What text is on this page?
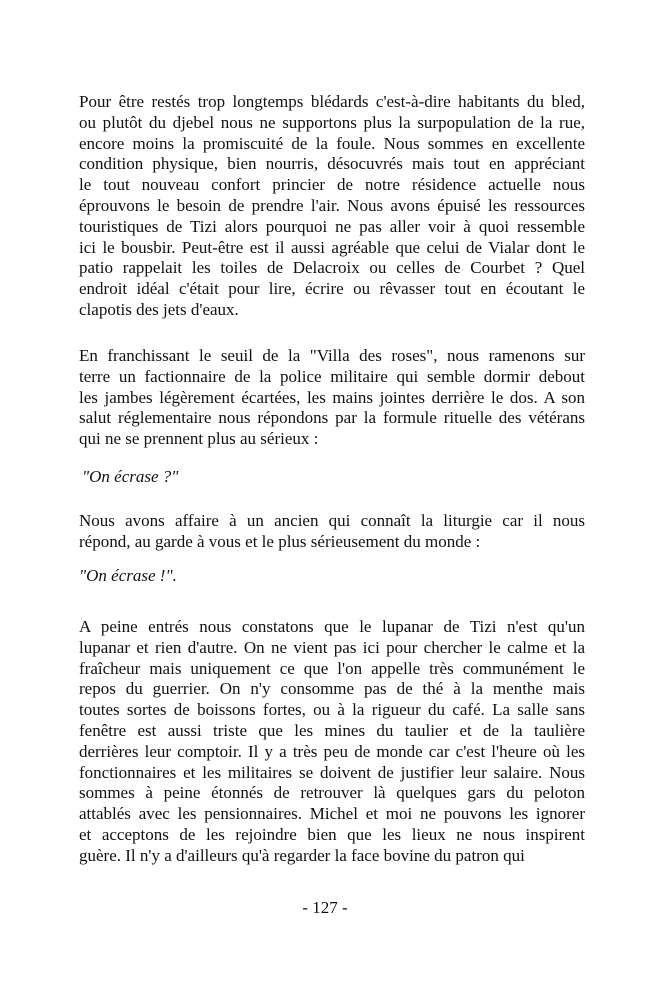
Pour être restés trop longtemps blédards c'est-à-dire habitants du bled,
ou plutôt du djebel nous ne supportons plus la surpopulation de la rue,
encore moins la promiscuité de la foule. Nous sommes en excellente
condition physique, bien nourris, désocuvrés mais tout en appréciant
le tout nouveau confort princier de notre résidence actuelle nous
éprouvons le besoin de prendre l'air. Nous avons épuisé les ressources
touristiques de Tizi alors pourquoi ne pas aller voir à quoi ressemble
ici le bousbir. Peut-être est il aussi agréable que celui de Vialar dont le
patio rappelait les toiles de Delacroix ou celles de Courbet ? Quel
endroit idéal c'était pour lire, écrire ou rêvasser tout en écoutant le
clapotis des jets d'eaux.
En franchissant le seuil de la "Villa des roses", nous ramenons sur
terre un factionnaire de la police militaire qui semble dormir debout
les jambes légèrement écartées, les mains jointes derrière le dos. A son
salut réglementaire nous répondons par la formule rituelle des vétérans
qui ne se prennent plus au sérieux :
"On écrase ?"
Nous avons affaire à un ancien qui connaît la liturgie car il nous
répond, au garde à vous et le plus sérieusement du monde :
"On écrase !".
A peine entrés nous constatons que le lupanar de Tizi n'est qu'un
lupanar et rien d'autre. On ne vient pas ici pour chercher le calme et la
fraîcheur mais uniquement ce que l'on appelle très communément le
repos du guerrier. On n'y consomme pas de thé à la menthe mais
toutes sortes de boissons fortes, ou à la rigueur du café. La salle sans
fenêtre est aussi triste que les mines du taulier et de la taulière
derrières leur comptoir. Il y a très peu de monde car c'est l'heure où les
fonctionnaires et les militaires se doivent de justifier leur salaire. Nous
sommes à peine étonnés de retrouver là quelques gars du peloton
attablés avec les pensionnaires. Michel et moi ne pouvons les ignorer
et acceptons de les rejoindre bien que les lieux ne nous inspirent
guère. Il n'y a d'ailleurs qu'à regarder la face bovine du patron qui
- 127 -
